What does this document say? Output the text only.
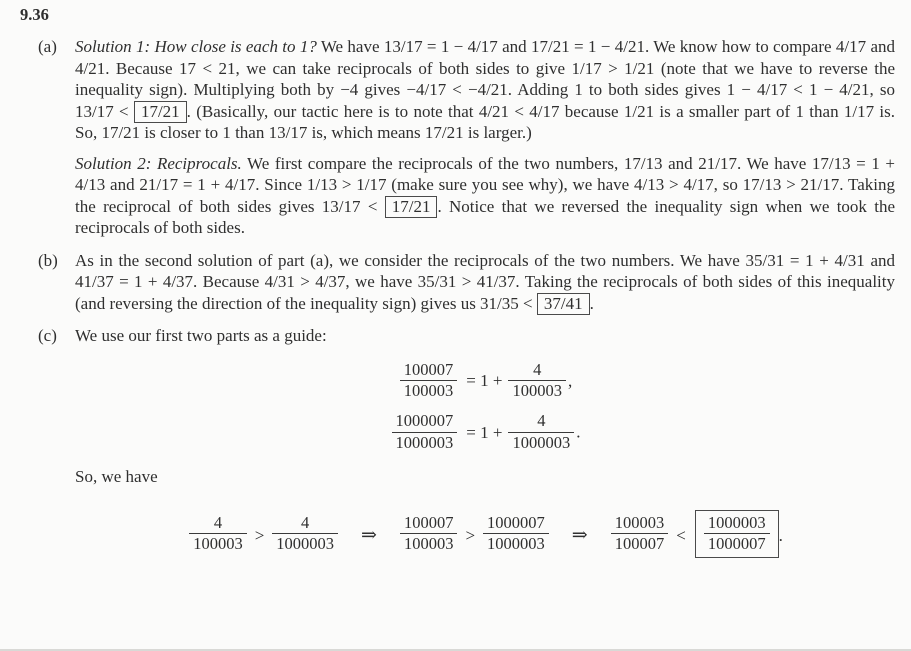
9.36

(a)	Solution 1: How close is each to 1? We have 13/17 = 1 − 4/17 and 17/21 = 1 − 4/21. We know how to compare 4/17 and 4/21. Because 17 < 21, we can take reciprocals of both sides to give 1/17 > 1/21 (note that we have to reverse the inequality sign). Multiplying both by −4 gives −4/17 < −4/21. Adding 1 to both sides gives 1 − 4/17 < 1 − 4/21, so 13/17 < 17/21 . (Basically, our tactic here is to note that 4/21 < 4/17 because 1/21 is a smaller part of 1 than 1/17 is. So, 17/21 is closer to 1 than 13/17 is, which means 17/21 is larger.)

Solution 2: Reciprocals. We first compare the reciprocals of the two numbers, 17/13 and 21/17. We have 17/13 = 1 + 4/13 and 21/17 = 1 + 4/17. Since 1/13 > 1/17 (make sure you see why), we have 4/13 > 4/17, so 17/13 > 21/17. Taking the reciprocal of both sides gives 13/17 < 17/21 . Notice that we reversed the inequality sign when we took the reciprocals of both sides.

(b)	As in the second solution of part (a), we consider the reciprocals of the two numbers. We have 35/31 = 1 + 4/31 and 41/37 = 1 + 4/37. Because 4/31 > 4/37, we have 35/31 > 41/37. Taking the reciprocals of both sides of this inequality (and reversing the direction of the inequality sign) gives us 31/35 < 37/41 .

(c)	We use our first two parts as a guide:

$\frac{100007}{100003} = 1 + \frac{4}{100003}$ ,
$\frac{1000007}{1000003} = 1 + \frac{4}{1000003}$ .

So, we have

$\frac{4}{100003} > \frac{4}{1000003}$ ⇒ $\frac{100007}{100003} > \frac{1000007}{1000003}$ ⇒ $\frac{100003}{100007} < \frac{1000003}{1000007}$ .
